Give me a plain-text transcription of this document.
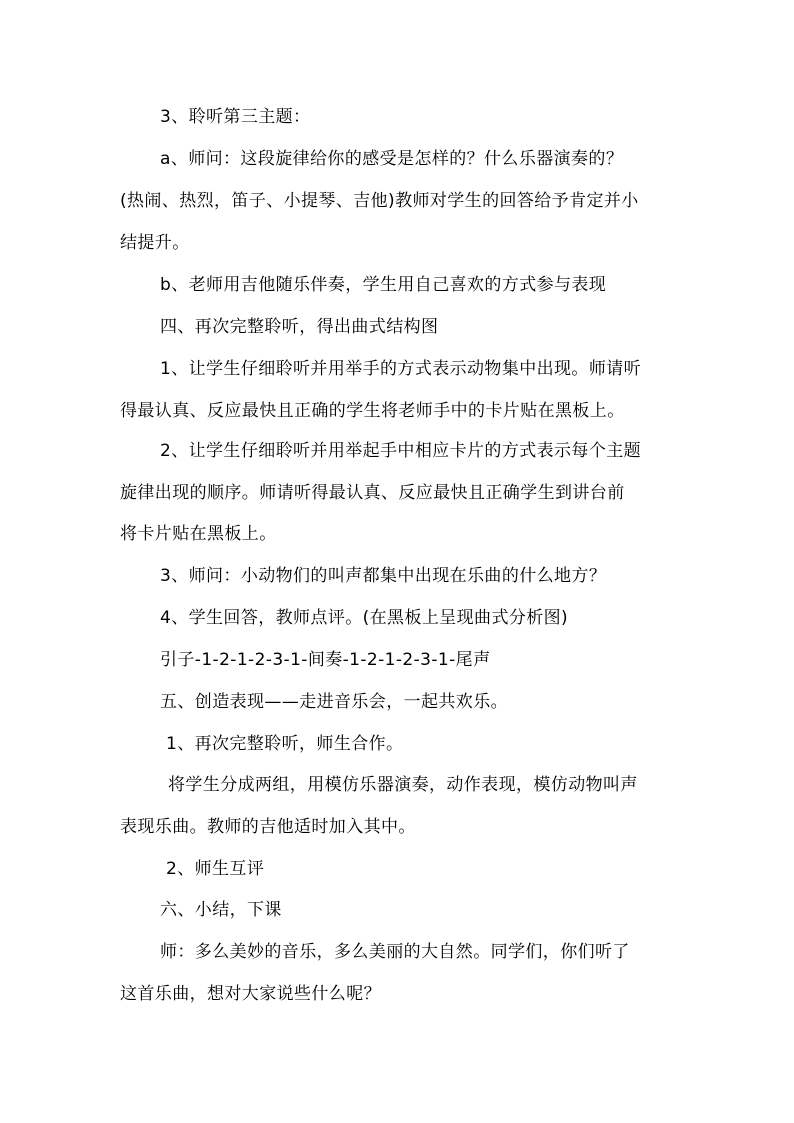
3、聆听第三主题：

a、师问：这段旋律给你的感受是怎样的？什么乐器演奏的？

(热闹、热烈，笛子、小提琴、吉他)教师对学生的回答给予肯定并小

结提升。

b、老师用吉他随乐伴奏，学生用自己喜欢的方式参与表现

四、再次完整聆听，得出曲式结构图

1、让学生仔细聆听并用举手的方式表示动物集中出现。师请听

得最认真、反应最快且正确的学生将老师手中的卡片贴在黑板上。

2、让学生仔细聆听并用举起手中相应卡片的方式表示每个主题

旋律出现的顺序。师请听得最认真、反应最快且正确学生到讲台前

将卡片贴在黑板上。

3、师问：小动物们的叫声都集中出现在乐曲的什么地方？

4、学生回答，教师点评。(在黑板上呈现曲式分析图)

引子-1-2-1-2-3-1-间奏-1-2-1-2-3-1-尾声

五、创造表现——走进音乐会，一起共欢乐。

1、再次完整聆听，师生合作。

将学生分成两组，用模仿乐器演奏，动作表现，模仿动物叫声

表现乐曲。教师的吉他适时加入其中。

2、师生互评

六、小结，下课

师：多么美妙的音乐，多么美丽的大自然。同学们，你们听了

这首乐曲，想对大家说些什么呢？
